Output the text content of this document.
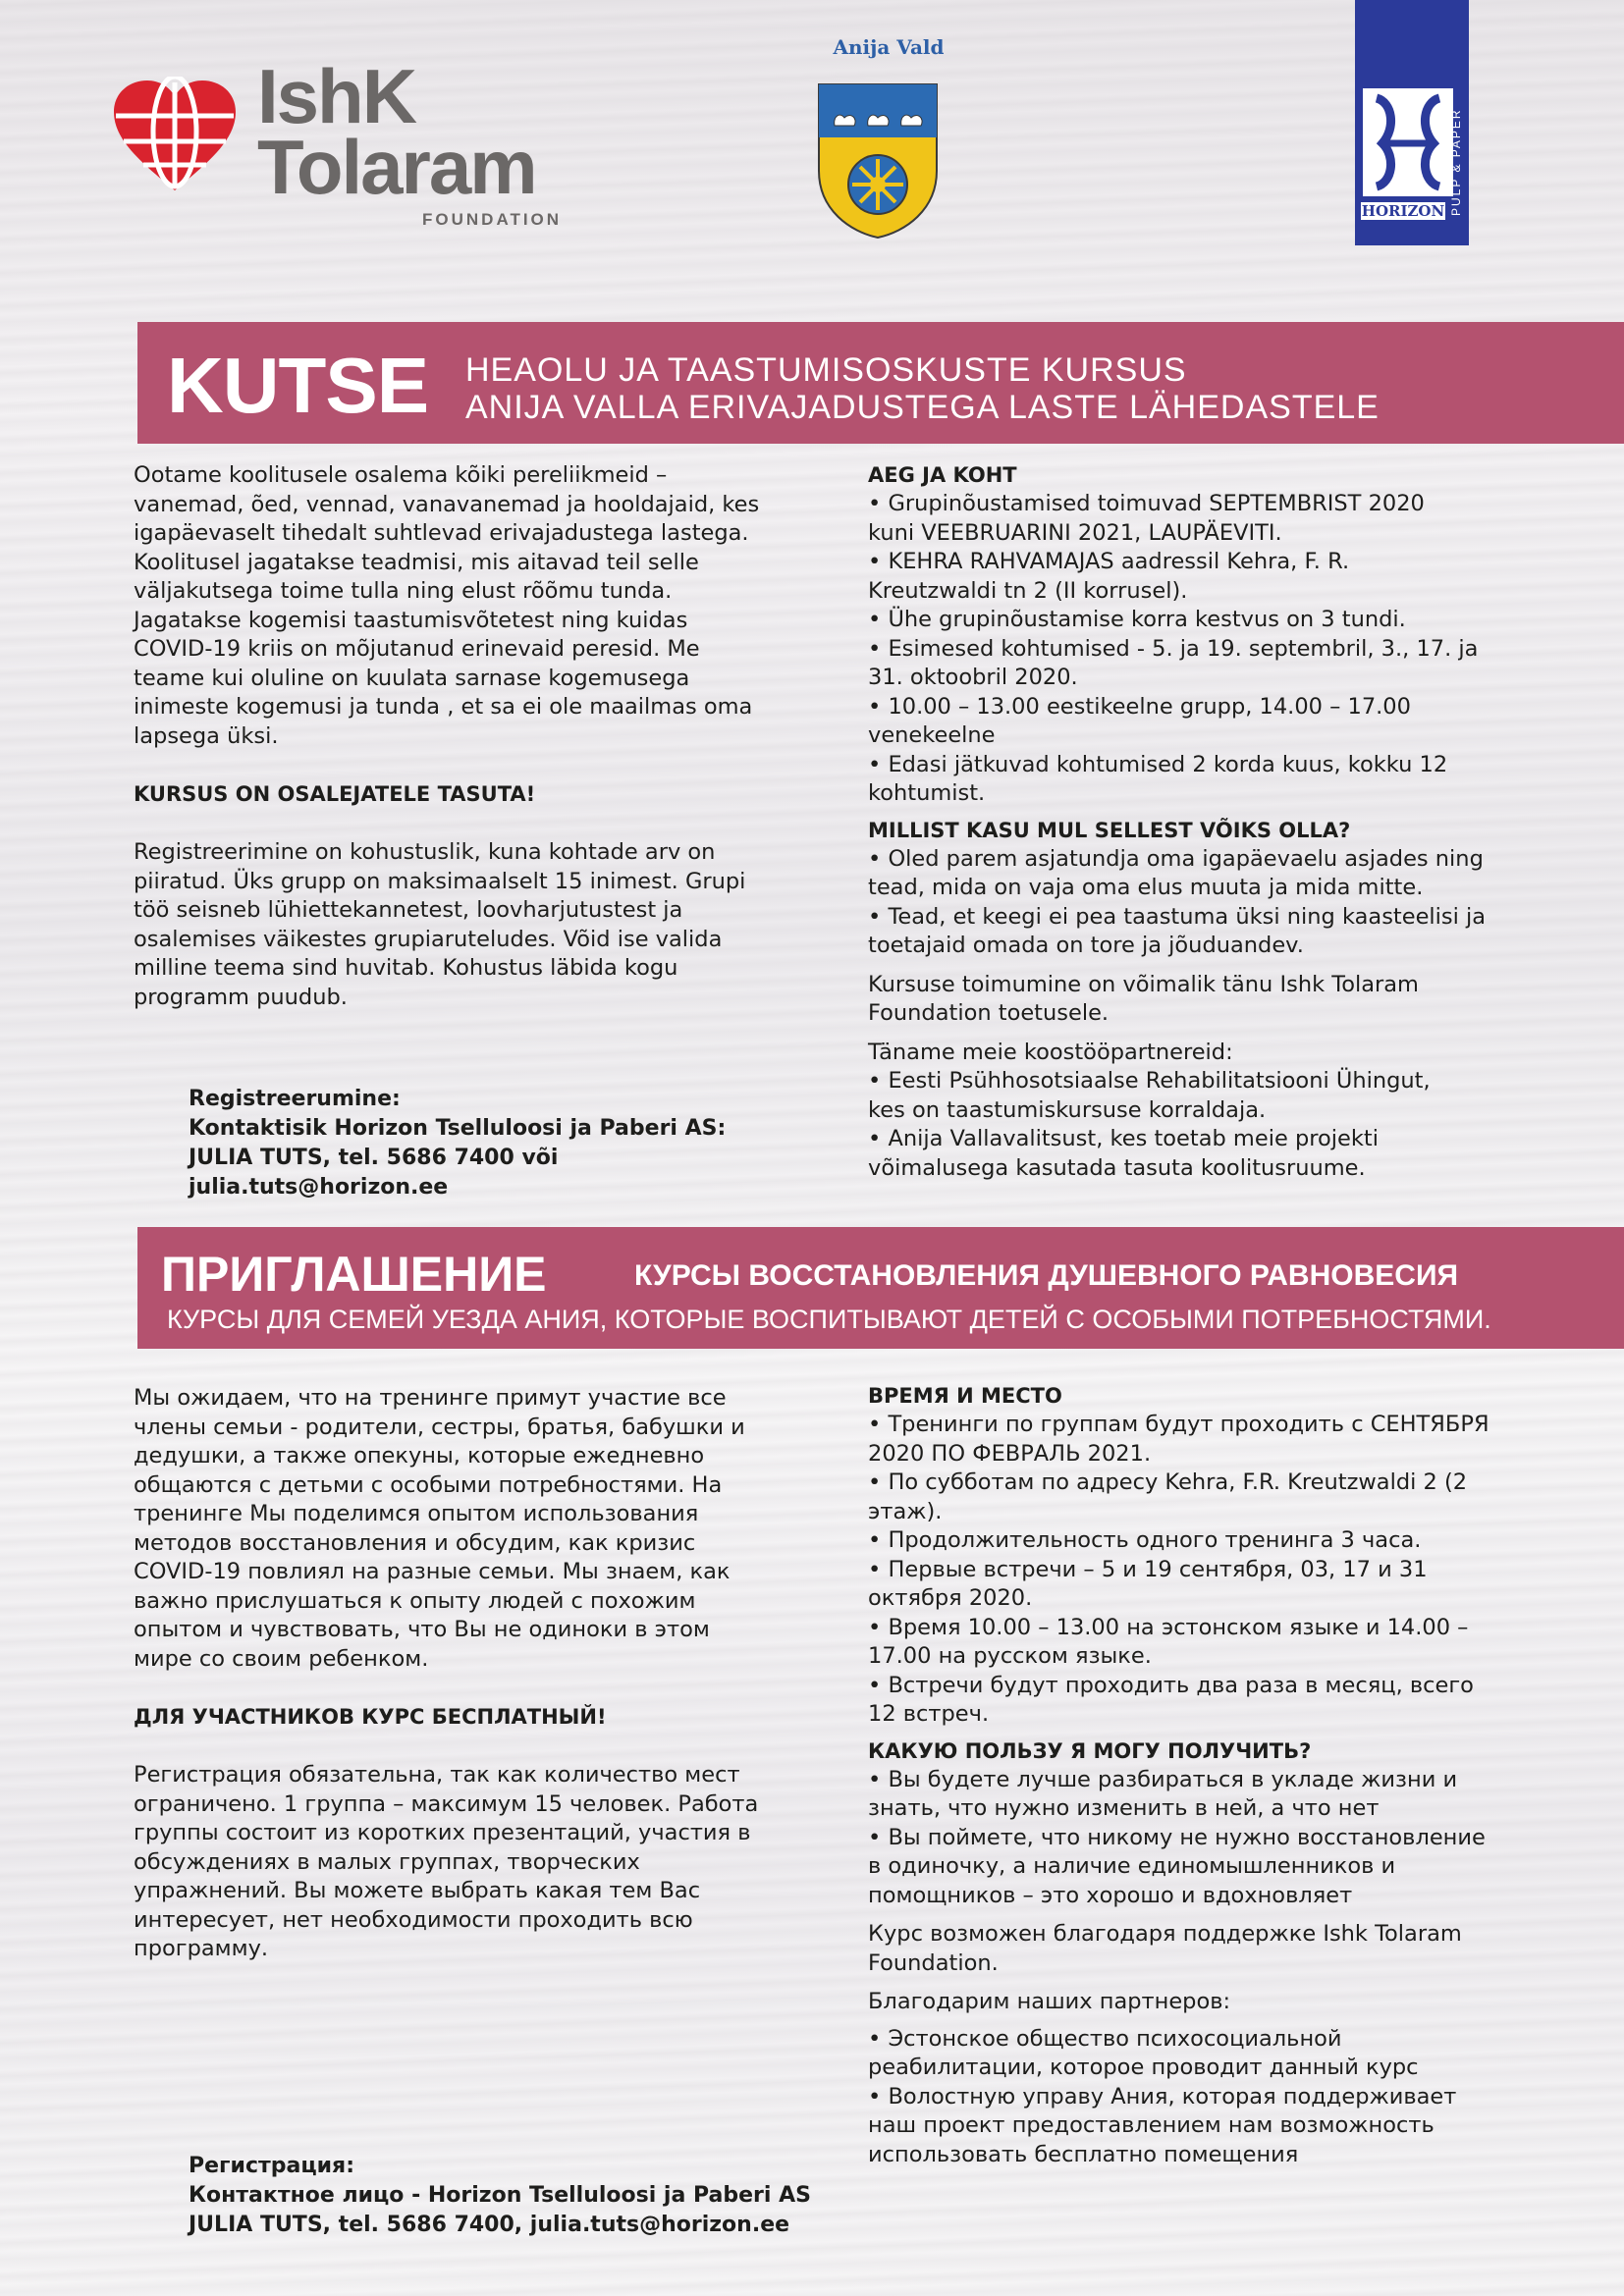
IshK
Tolaram
FOUNDATION
Anija Vald
HORIZON PULP & PAPER
KUTSE HEAOLU JA TAASTUMISOSKUSTE KURSUS
ANIJA VALLA ERIVAJADUSTEGA LASTE LÄHEDASTELE

Ootame koolitusele osalema kõiki pereliikmeid –

vanemad, õed, vennad, vanavanemad ja hooldajaid, kes

igapäevaselt tihedalt suhtlevad erivajadustega lastega.

Koolitusel jagatakse teadmisi, mis aitavad teil selle

väljakutsega toime tulla ning elust rõõmu tunda.

Jagatakse kogemisi taastumisvõtetest ning kuidas

COVID-19 kriis on mõjutanud erinevaid peresid. Me

teame kui oluline on kuulata sarnase kogemusega

inimeste kogemusi ja tunda , et sa ei ole maailmas oma

lapsega üksi.

KURSUS ON OSALEJATELE TASUTA!

Registreerimine on kohustuslik, kuna kohtade arv on

piiratud. Üks grupp on maksimaalselt 15 inimest. Grupi

töö seisneb lühiettekannetest, loovharjutustest ja

osalemises väikestes grupiaruteludes. Võid ise valida

milline teema sind huvitab. Kohustus läbida kogu

programm puudub.

Registreerumine:

Kontaktisik Horizon Tselluloosi ja Paberi AS:

JULIA TUTS, tel. 5686 7400 või julia.tuts@horizon.ee

AEG JA KOHT

• Grupinõustamised toimuvad SEPTEMBRIST 2020

kuni VEEBRUARINI 2021, LAUPÄEVITI.

• KEHRA RAHVAMAJAS aadressil Kehra, F. R.

Kreutzwaldi tn 2 (II korrusel).

• Ühe grupinõustamise korra kestvus on 3 tundi.

• Esimesed kohtumised - 5. ja 19. septembril, 3., 17. ja

31. oktoobril 2020.

• 10.00 – 13.00 eestikeelne grupp, 14.00 – 17.00

venekeelne

• Edasi jätkuvad kohtumised 2 korda kuus, kokku 12

kohtumist.

MILLIST KASU MUL SELLEST VÕIKS OLLA?

• Oled parem asjatundja oma igapäevaelu asjades ning

tead, mida on vaja oma elus muuta ja mida mitte.

• Tead, et keegi ei pea taastuma üksi ning kaasteelisi ja

toetajaid omada on tore ja jõuduandev.

Kursuse toimumine on võimalik tänu Ishk Tolaram

Foundation toetusele.

Täname meie koostööpartnereid:

• Eesti Psühhosotsiaalse Rehabilitatsiooni Ühingut,

kes on taastumiskursuse korraldaja.

• Anija Vallavalitsust, kes toetab meie projekti

võimalusega kasutada tasuta koolitusruume.

ПРИГЛАШЕНИЕ	КУРСЫ ВОССТАНОВЛЕНИЯ ДУШЕВНОГО РАВНОВЕСИЯ
КУРСЫ ДЛЯ СЕМЕЙ УЕЗДА АНИЯ, КОТОРЫЕ ВОСПИТЫВАЮТ ДЕТЕЙ С ОСОБЫМИ ПОТРЕБНОСТЯМИ.

Мы ожидаем, что на тренинге примут участие все

члены семьи - родители, сестры, братья, бабушки и

дедушки, а также опекуны, которые ежедневно

общаются с детьми с особыми потребностями. На

тренинге Мы поделимся опытом использования

методов восстановления и обсудим, как кризис

COVID-19 повлиял на разные семьи. Мы знаем, как

важно прислушаться к опыту людей с похожим

опытом и чувствовать, что Вы не одиноки в этом

мире со своим ребенком.

ДЛЯ УЧАСТНИКОВ КУРС БЕСПЛАТНЫЙ!

Регистрация обязательна, так как количество мест

ограничено. 1 группа – максимум 15 человек. Работа

группы состоит из коротких презентаций, участия в

обсуждениях в малых группах, творческих

упражнений. Вы можете выбрать какая тем Вас

интересует, нет необходимости проходить всю

программу.

Регистрация:

Контактное лицо - Horizon Tselluloosi ja Paberi AS

JULIA TUTS, tel. 5686 7400, julia.tuts@horizon.ee

ВРЕМЯ И МЕСТО

• Тренинги по группам будут проходить с СЕНТЯБРЯ

2020 ПО ФЕВРАЛЬ 2021.

• По субботам по адресу Kehra, F.R. Kreutzwaldi 2 (2

этаж).

• Продолжительность одного тренинга 3 часа.

• Первые встречи – 5 и 19 сентября, 03, 17 и 31

октября 2020.

• Время 10.00 – 13.00 на эстонском языке и 14.00 –

17.00 на русском языке.

• Встречи будут проходить два раза в месяц, всего

12 встреч.

КАКУЮ ПОЛЬЗУ Я МОГУ ПОЛУЧИТЬ?

• Вы будете лучше разбираться в укладе жизни и

знать, что нужно изменить в ней, а что нет

• Вы поймете, что никому не нужно восстановление

в одиночку, а наличие единомышленников и

помощников – это хорошо и вдохновляет

Курс возможен благодаря поддержке Ishk Tolaram

Foundation.

Благодарим наших партнеров:

• Эстонское общество психосоциальной

реабилитации, которое проводит данный курс

• Волостную управу Ания, которая поддерживает

наш проект предоставлением нам возможность

использовать бесплатно помещения
